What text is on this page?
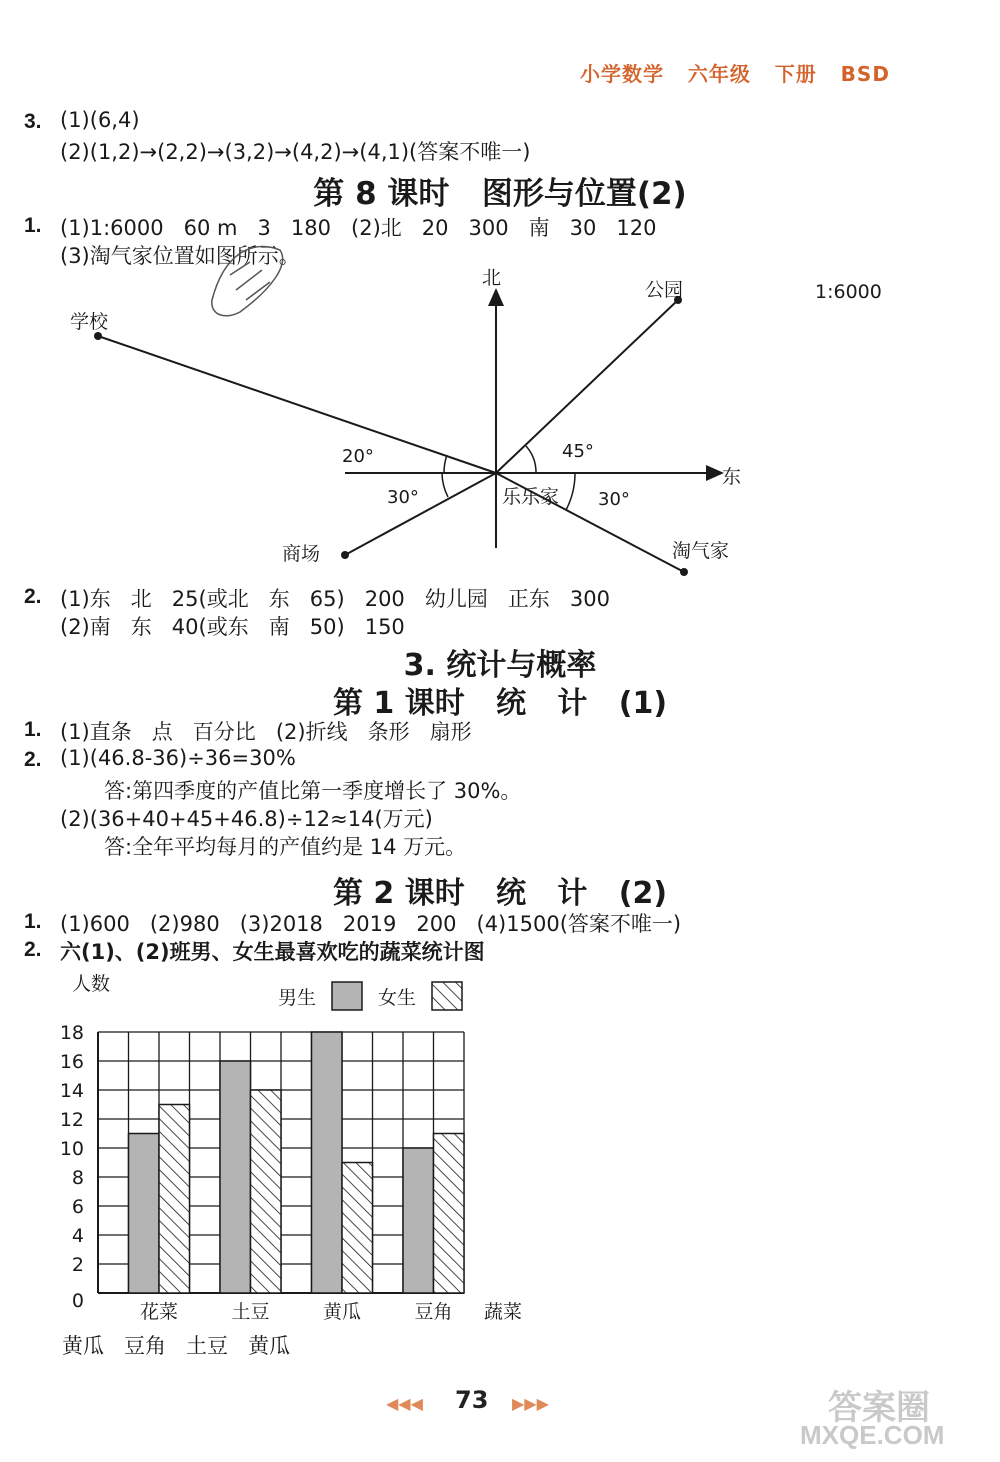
小学数学   六年级   下册   BSD
3. (1)(6,4)
(2)(1,2)→(2,2)→(3,2)→(4,2)→(4,1)(答案不唯一)
第 8 课时   图形与位置(2)
1. (1)1:6000   60 m   3   180   (2)北   20   300   南   30   120
(3)淘气家位置如图所示。
北
东
公园	1:6000
学校
商场
乐乐家
淘气家
20°	45°
30°	30°
2. (1)东   北   25(或北   东   65)   200   幼儿园   正东   300
(2)南   东   40(或东   南   50)   150
3. 统计与概率
第 1 课时   统   计   (1)
1. (1)直条   点   百分比   (2)折线   条形   扇形
2. (1)(46.8-36)÷36=30%
答:第四季度的产值比第一季度增长了 30%。
(2)(36+40+45+46.8)÷12≈14(万元)
答:全年平均每月的产值约是 14 万元。
第 2 课时   统   计   (2)
1. (1)600   (2)980   (3)2018   2019   200   (4)1500(答案不唯一)
2. 六(1)、(2)班男、女生最喜欢吃的蔬菜统计图
0
2
4
6
8
10
12
14
16
18
人数
蔬菜
花菜	土豆	黄瓜	豆角
男生	女生
黄瓜   豆角   土豆   黄瓜
◀◀◀ 73 ▶▶▶	答案圈
MXQE.COM
